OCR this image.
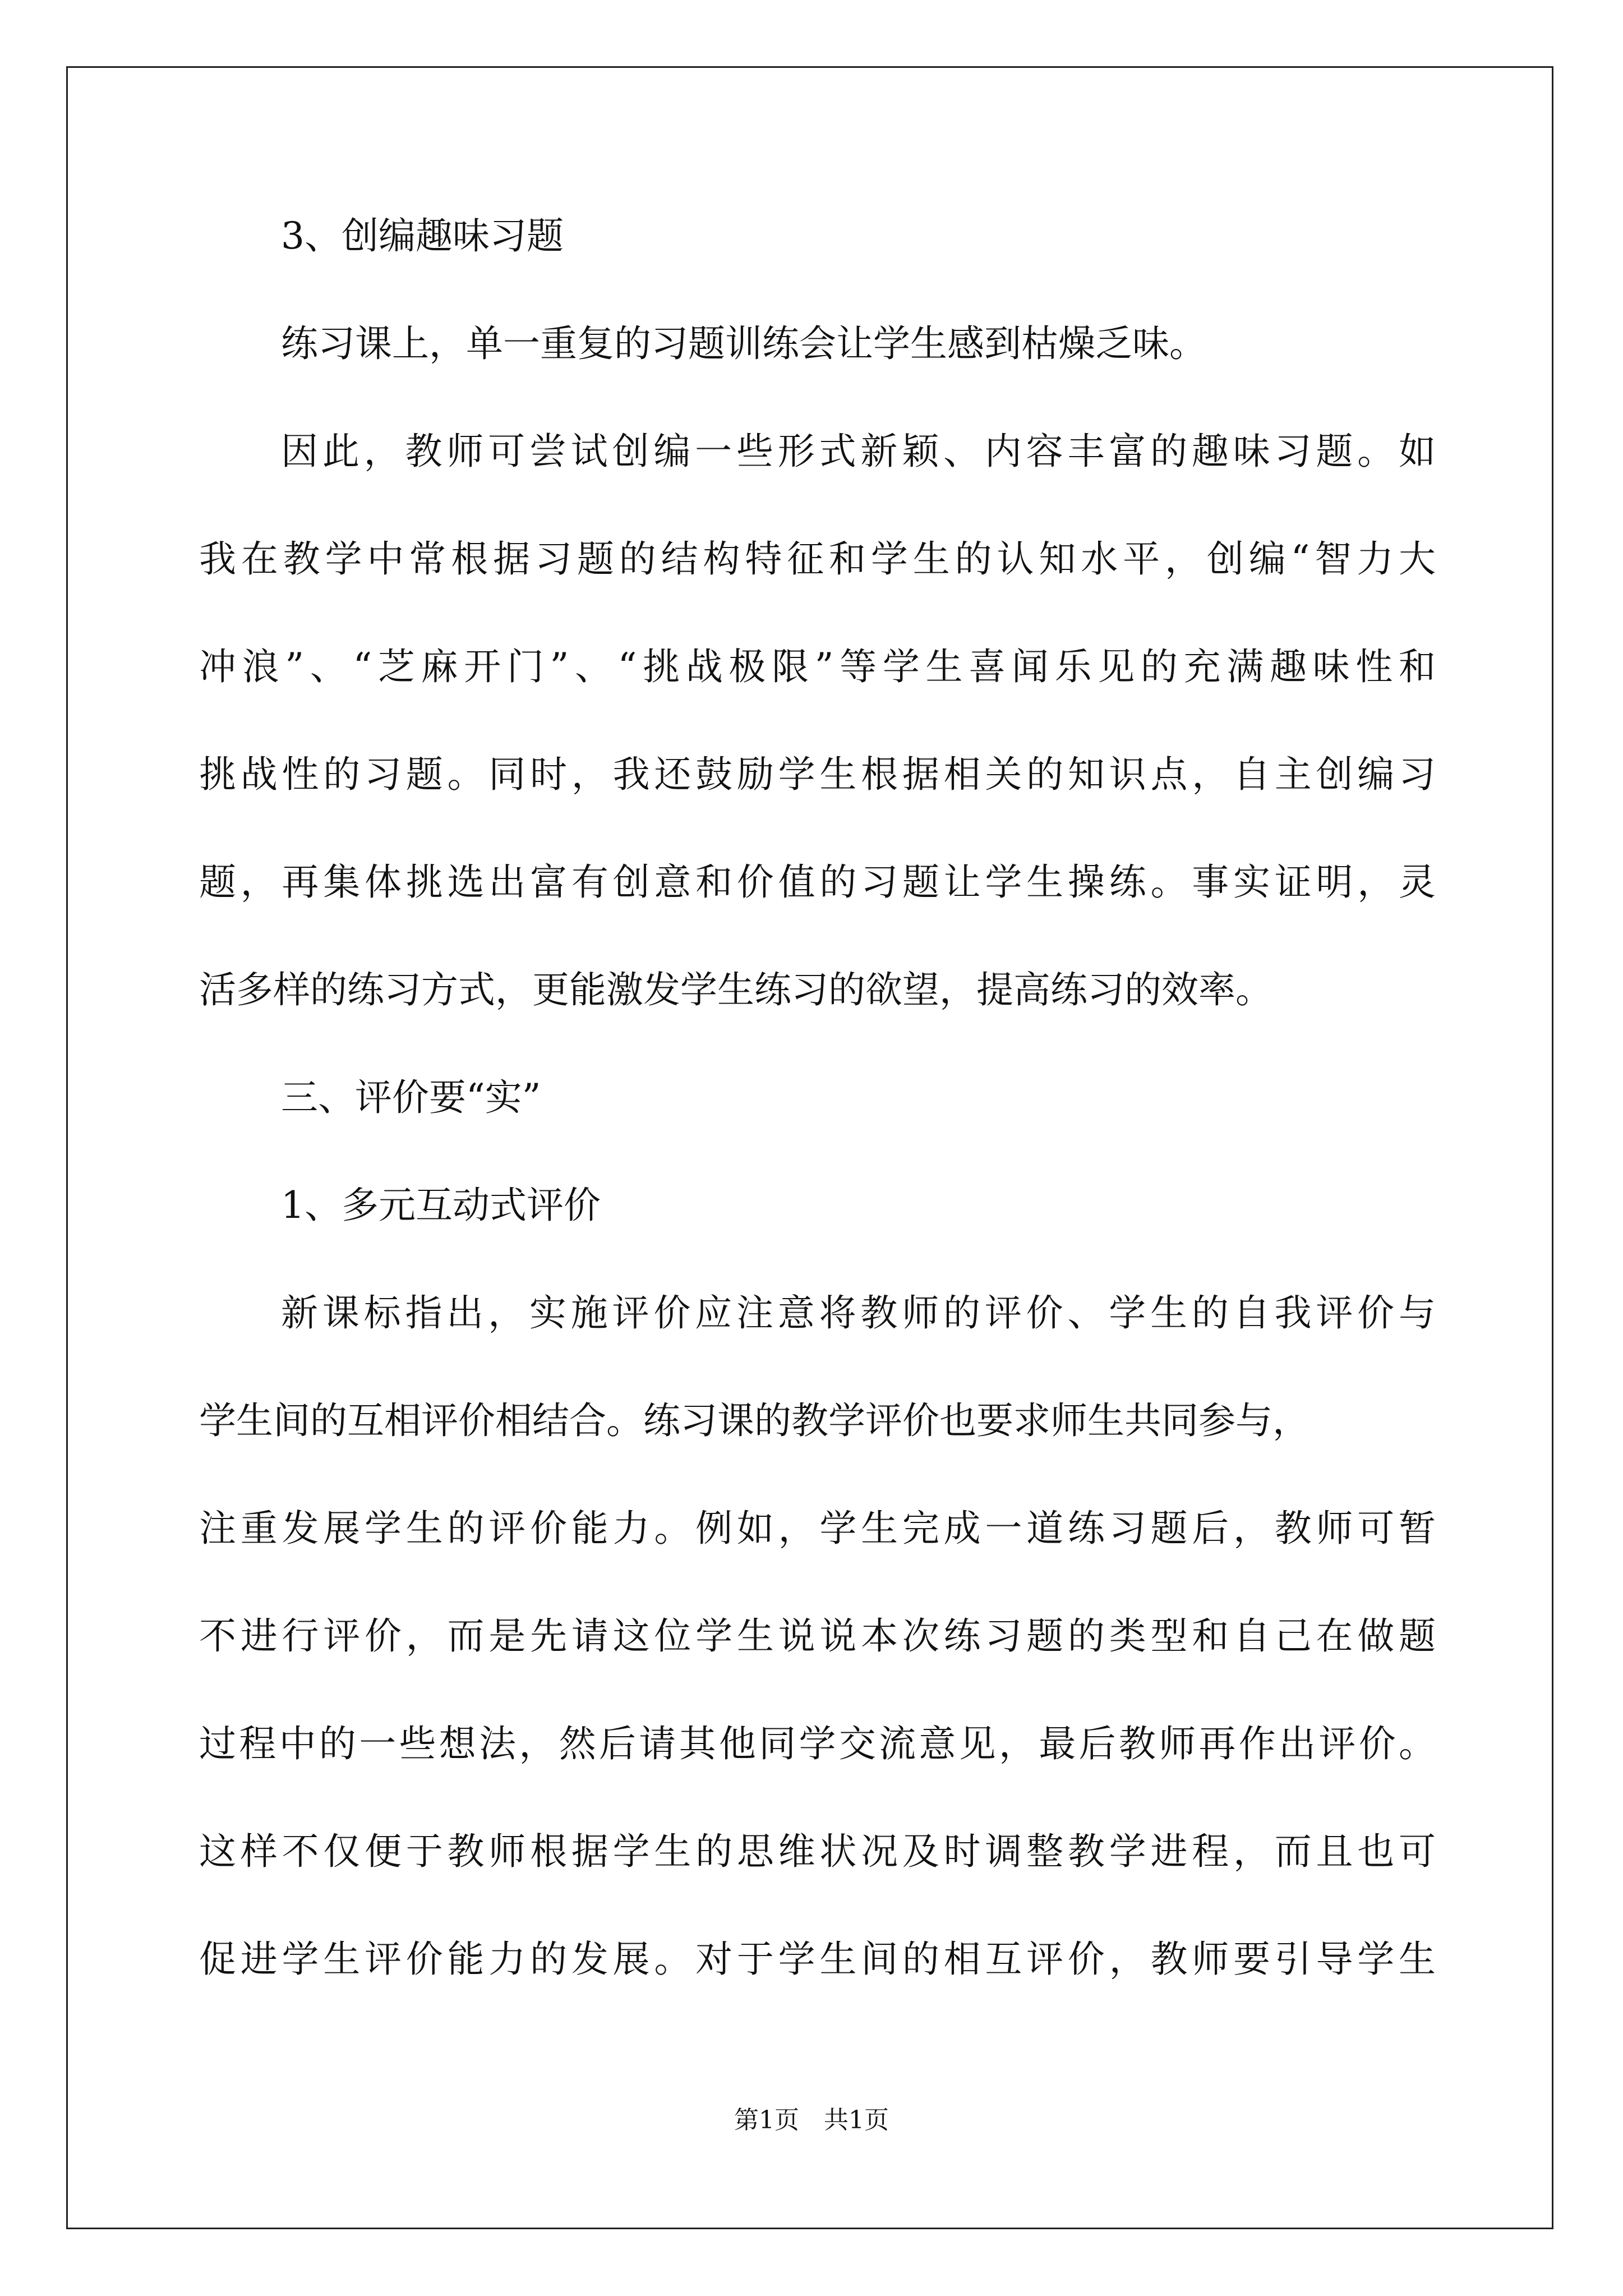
3、创编趣味习题
练习课上，单一重复的习题训练会让学生感到枯燥乏味。
因此，教师可尝试创编一些形式新颖、内容丰富的趣味习题。如
我在教学中常根据习题的结构特征和学生的认知水平，创编“智力大
冲浪”、“芝麻开门”、“挑战极限”等学生喜闻乐见的充满趣味性和
挑战性的习题。同时，我还鼓励学生根据相关的知识点，自主创编习
题，再集体挑选出富有创意和价值的习题让学生操练。事实证明，灵
活多样的练习方式，更能激发学生练习的欲望，提高练习的效率。
三、评价要“实”
1、多元互动式评价
新课标指出，实施评价应注意将教师的评价、学生的自我评价与
学生间的互相评价相结合。练习课的教学评价也要求师生共同参与，
注重发展学生的评价能力。例如，学生完成一道练习题后，教师可暂
不进行评价，而是先请这位学生说说本次练习题的类型和自己在做题
过程中的一些想法，然后请其他同学交流意见，最后教师再作出评价。
这样不仅便于教师根据学生的思维状况及时调整教学进程，而且也可
促进学生评价能力的发展。对于学生间的相互评价，教师要引导学生
第1页　共1页
